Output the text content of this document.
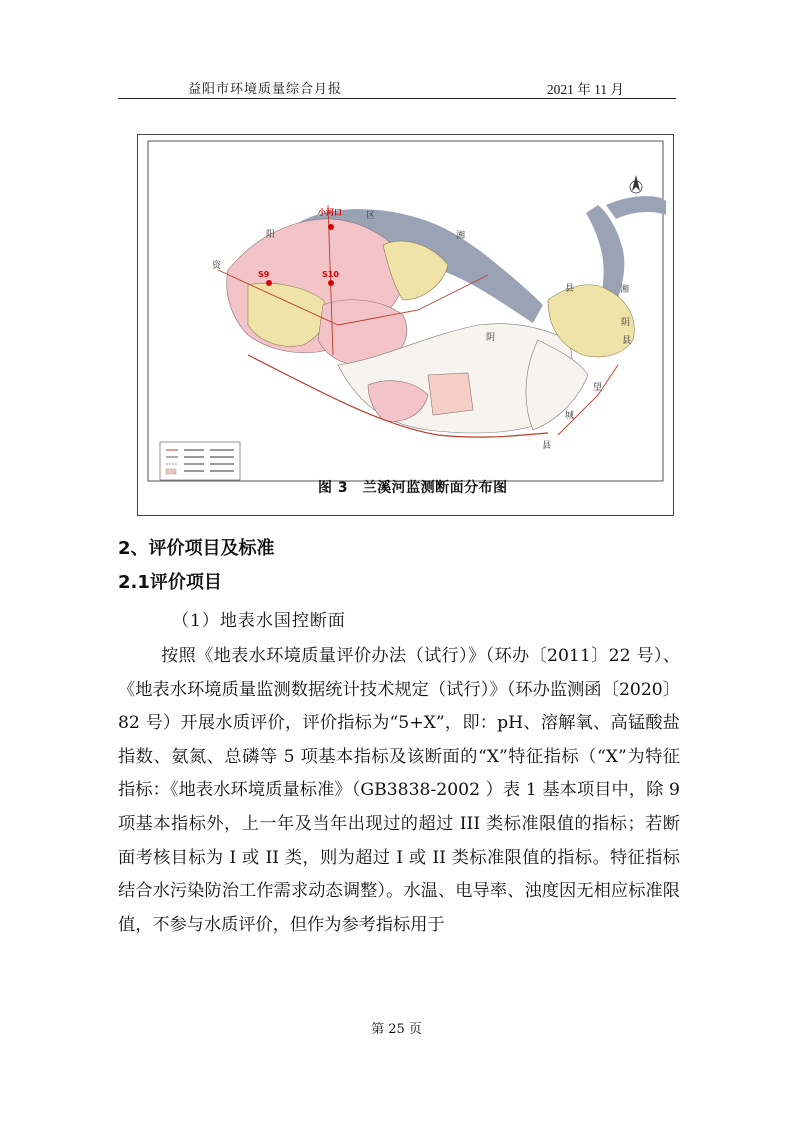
益阳市环境质量综合月报	2021 年 11 月
小河口
S9	S10
区
阳
资
湘
湘
县
阴
阴
县
望
城
县
图 3　兰溪河监测断面分布图
2、评价项目及标准
2.1评价项目
（1）地表水国控断面

按照《地表水环境质量评价办法（试行）》（环办〔2011〕22 号）、《地表水环境质量监测数据统计技术规定（试行）》（环办监测函〔2020〕82 号）开展水质评价，评价指标为“5+X”，即：pH、溶解氧、高锰酸盐指数、氨氮、总磷等 5 项基本指标及该断面的“X”特征指标（“X”为特征指标：《地表水环境质量标准》（GB3838-2002 ）表 1 基本项目中，除 9 项基本指标外，上一年及当年出现过的超过 III 类标准限值的指标；若断面考核目标为 I 或 II 类，则为超过 I 或 II 类标准限值的指标。特征指标结合水污染防治工作需求动态调整）。水温、电导率、浊度因无相应标准限值，不参与水质评价，但作为参考指标用于

第 25 页
